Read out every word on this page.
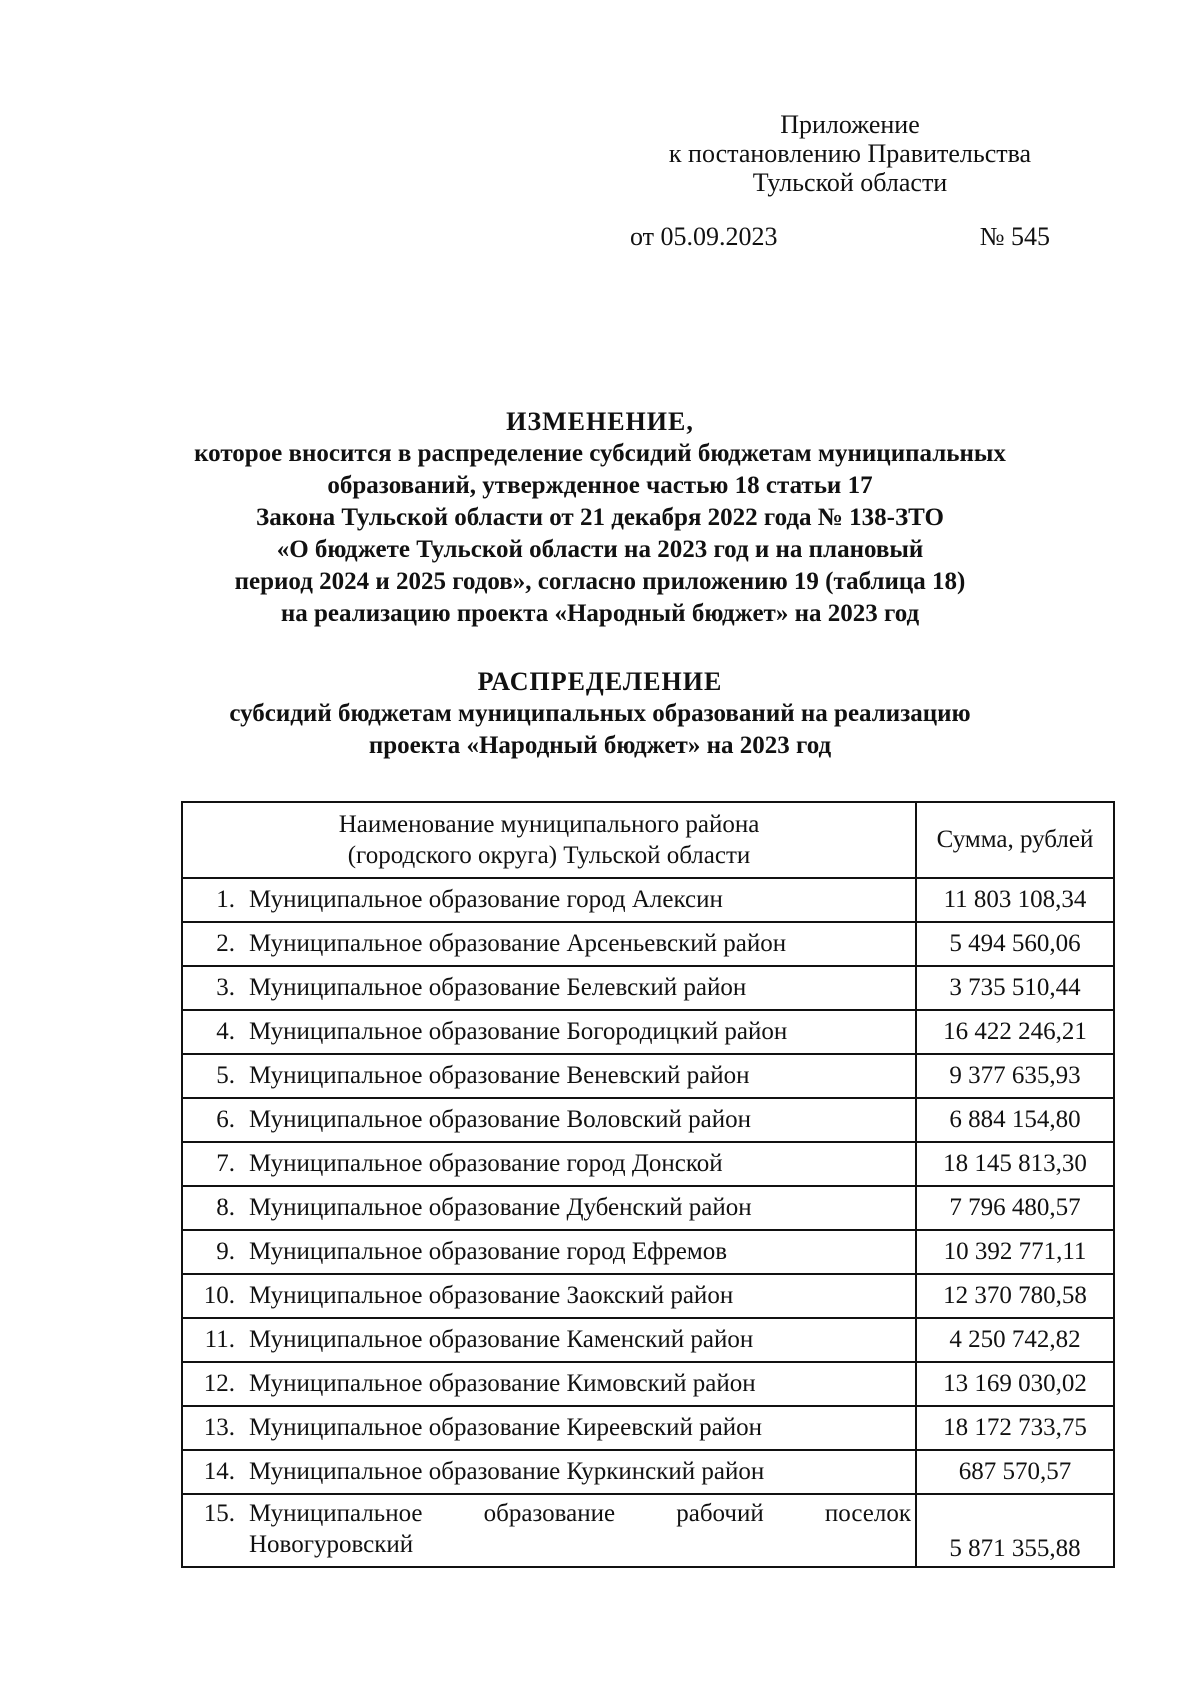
Приложение
к постановлению Правительства
Тульской области
от 05.09.2023	№ 545
ИЗМЕНЕНИЕ,
которое вносится в распределение субсидий бюджетам муниципальных
образований, утвержденное частью 18 статьи 17
Закона Тульской области от 21 декабря 2022 года № 138-ЗТО
«О бюджете Тульской области на 2023 год и на плановый
период 2024 и 2025 годов», согласно приложению 19 (таблица 18)
на реализацию проекта «Народный бюджет» на 2023 год
РАСПРЕДЕЛЕНИЕ
субсидий бюджетам муниципальных образований на реализацию
проекта «Народный бюджет» на 2023 год
Наименование муниципального района
(городского округа) Тульской области	Сумма, рублей

1. Муниципальное образование город Алексин	11 803 108,34

2. Муниципальное образование Арсеньевский район	5 494 560,06

3. Муниципальное образование Белевский район	3 735 510,44

4. Муниципальное образование Богородицкий район	16 422 246,21

5. Муниципальное образование Веневский район	9 377 635,93

6. Муниципальное образование Воловский район	6 884 154,80

7. Муниципальное образование город Донской	18 145 813,30

8. Муниципальное образование Дубенский район	7 796 480,57

9. Муниципальное образование город Ефремов	10 392 771,11

10. Муниципальное образование Заокский район	12 370 780,58

11. Муниципальное образование Каменский район	4 250 742,82

12. Муниципальное образование Кимовский район	13 169 030,02

13. Муниципальное образование Киреевский район	18 172 733,75

14. Муниципальное образование Куркинский район	687 570,57

15. Муниципальное образование рабочий поселок Новогуровский	5 871 355,88
